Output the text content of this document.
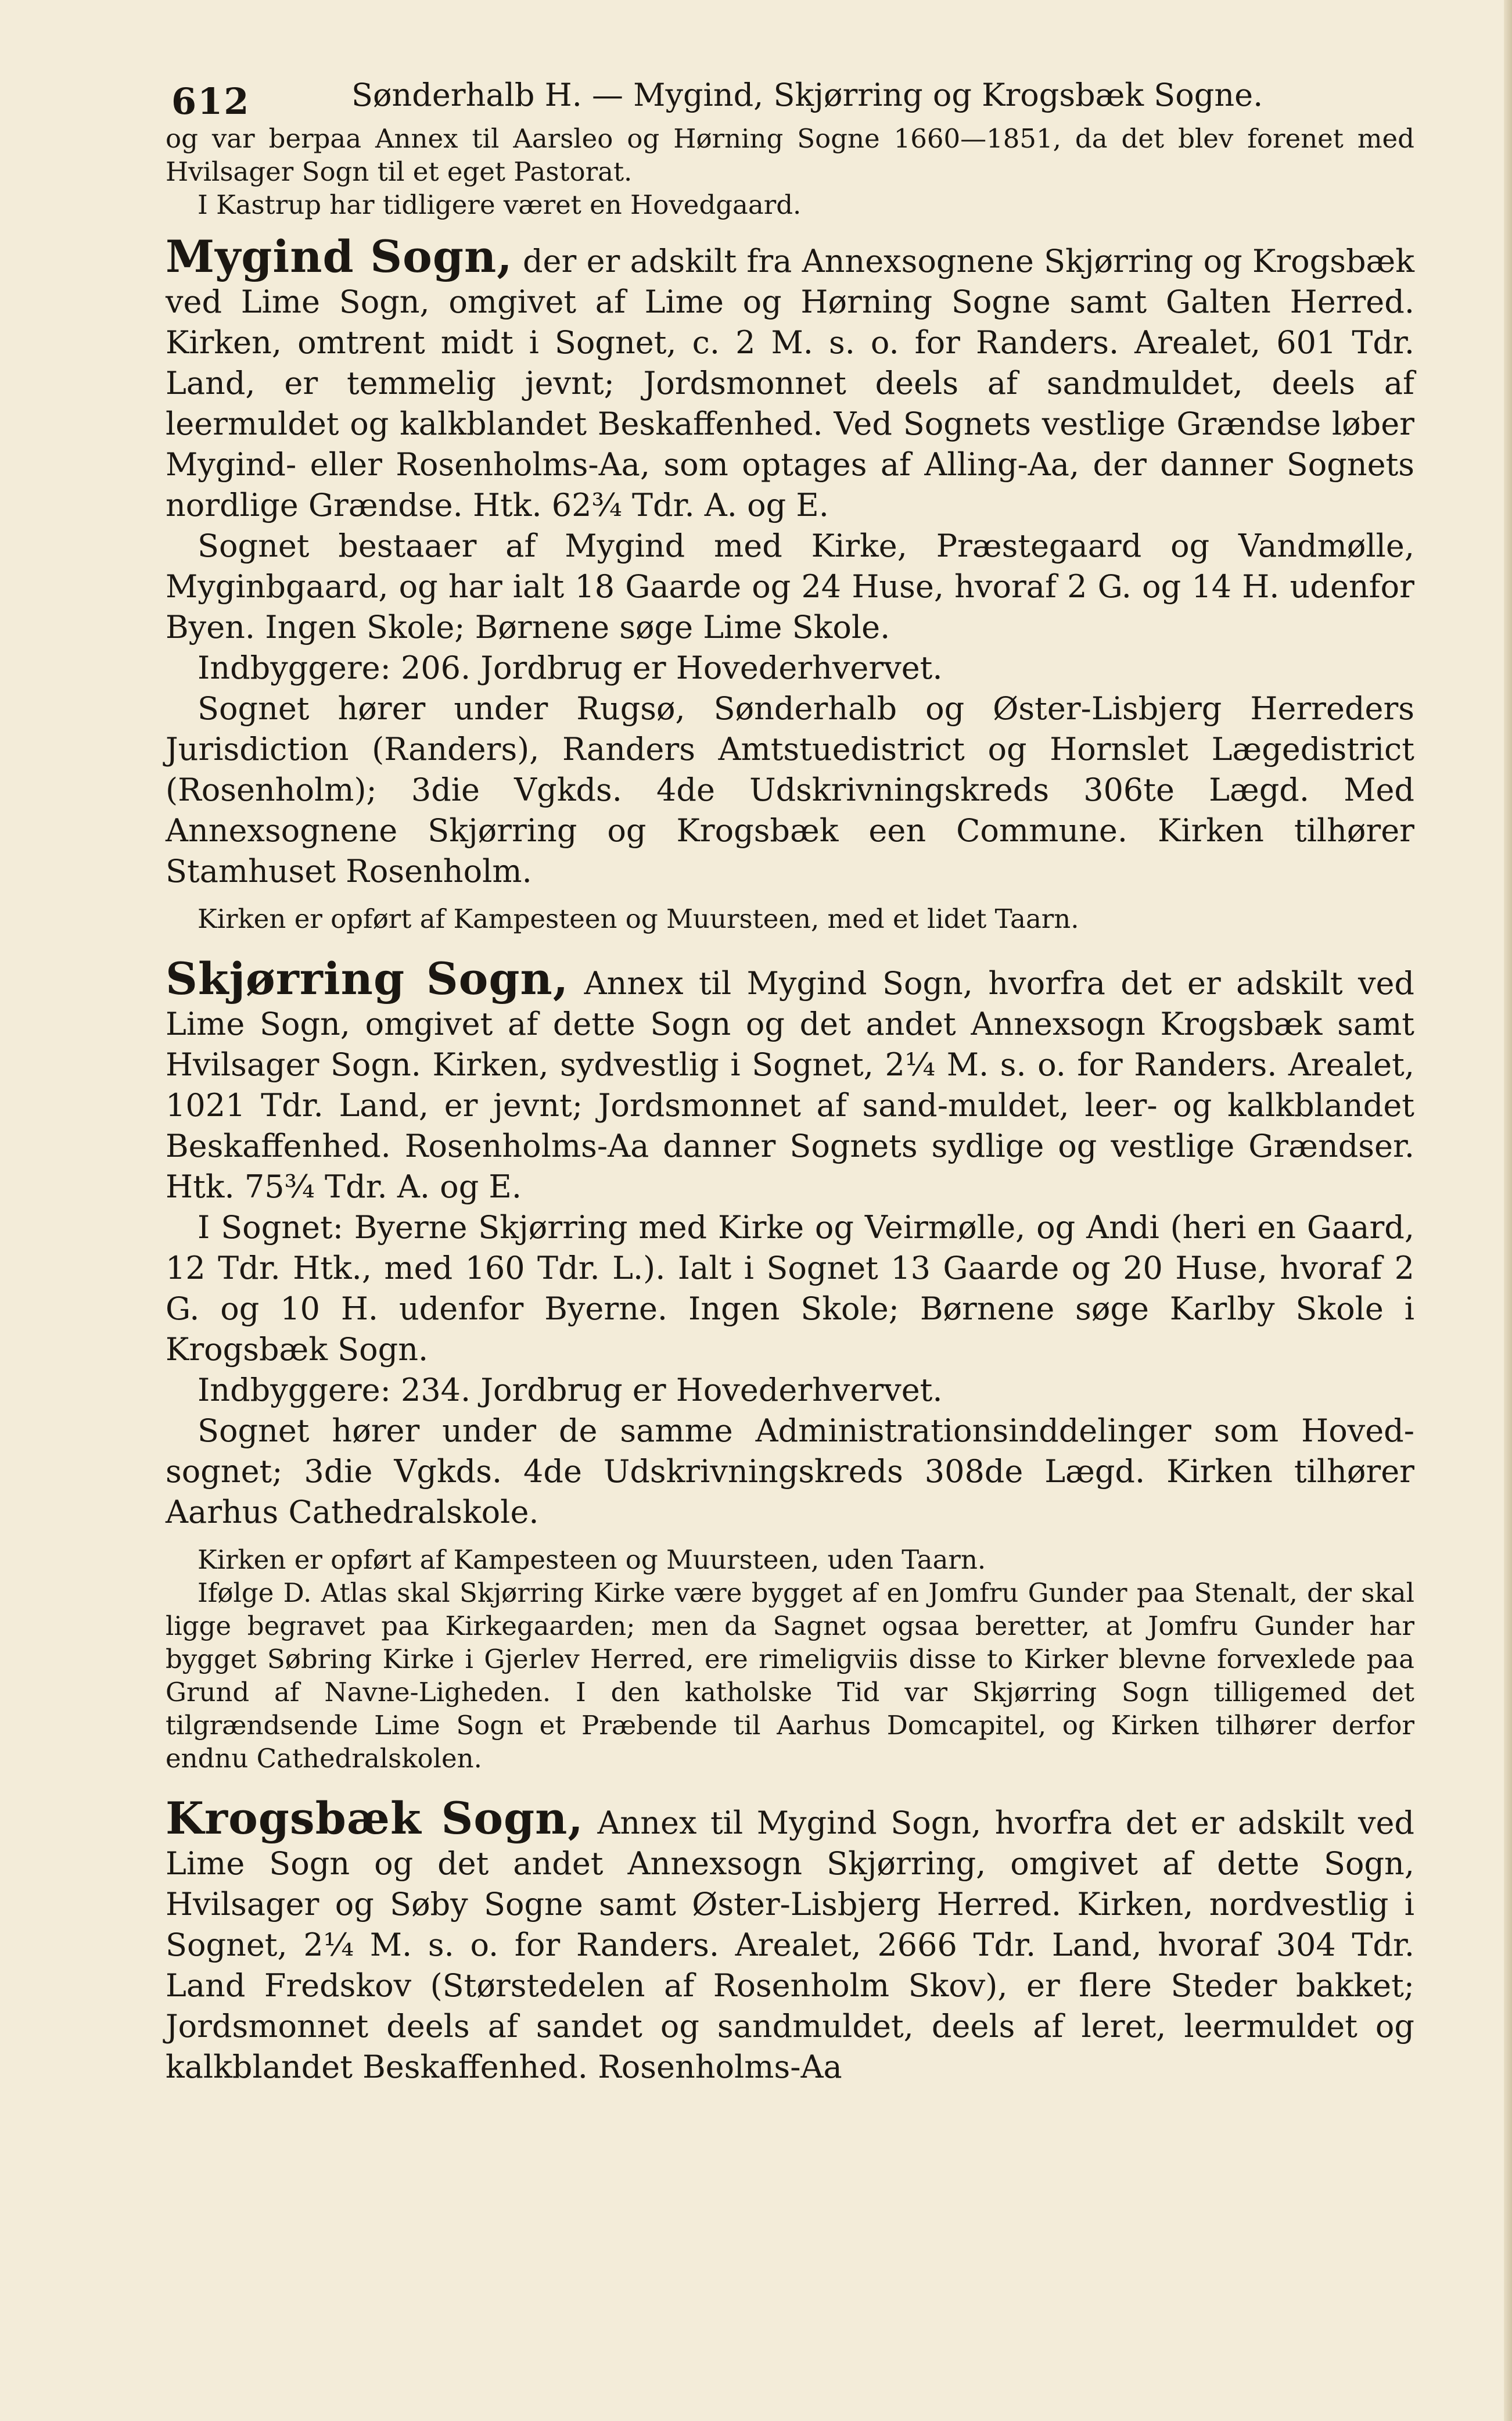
612	Sønderhalb H. — Mygind, Skjørring og Krogsbæk Sogne.

og var berpaa Annex til Aarsleo og Hørning Sogne 1660—1851, da det blev forenet med Hvilsager Sogn til et eget Pastorat.

I Kastrup har tidligere været en Hovedgaard.

Mygind Sogn, der er adskilt fra Annexsognene Skjørring og Krogsbæk ved Lime Sogn, omgivet af Lime og Hørning Sogne samt Galten Herred. Kirken, omtrent midt i Sognet, c. 2 M. s. o. for Randers. Arealet, 601 Tdr. Land, er temmelig jevnt; Jordsmonnet deels af sandmuldet, deels af leermuldet og kalkblandet Beskaffenhed. Ved Sognets vestlige Grændse løber Mygind- eller Rosenholms-Aa, som optages af Alling-Aa, der danner Sognets nordlige Grændse. Htk. 62¾ Tdr. A. og E.

Sognet bestaaer af Mygind med Kirke, Præstegaard og Vandmølle, Myginbgaard, og har ialt 18 Gaarde og 24 Huse, hvoraf 2 G. og 14 H. udenfor Byen. Ingen Skole; Børnene søge Lime Skole.

Indbyggere: 206. Jordbrug er Hovederhvervet.

Sognet hører under Rugsø, Sønderhalb og Øster-Lisbjerg Herreders Jurisdiction (Randers), Randers Amtstuedistrict og Hornslet Lægedistrict (Rosenholm); 3die Vgkds. 4de Udskrivningskreds 306te Lægd. Med Annexsognene Skjørring og Krogsbæk een Commune. Kirken tilhører Stamhuset Rosenholm.

Kirken er opført af Kampesteen og Muursteen, med et lidet Taarn.

Skjørring Sogn, Annex til Mygind Sogn, hvorfra det er adskilt ved Lime Sogn, omgivet af dette Sogn og det andet Annexsogn Krogsbæk samt Hvilsager Sogn. Kirken, sydvestlig i Sognet, 2¼ M. s. o. for Randers. Arealet, 1021 Tdr. Land, er jevnt; Jordsmonnet af sand-muldet, leer- og kalkblandet Beskaffenhed. Rosenholms-Aa danner Sognets sydlige og vestlige Grændser. Htk. 75¾ Tdr. A. og E.

I Sognet: Byerne Skjørring med Kirke og Veirmølle, og Andi (heri en Gaard, 12 Tdr. Htk., med 160 Tdr. L.). Ialt i Sognet 13 Gaarde og 20 Huse, hvoraf 2 G. og 10 H. udenfor Byerne. Ingen Skole; Børnene søge Karlby Skole i Krogsbæk Sogn.

Indbyggere: 234. Jordbrug er Hovederhvervet.

Sognet hører under de samme Administrationsinddelinger som Hoved-sognet; 3die Vgkds. 4de Udskrivningskreds 308de Lægd. Kirken tilhører Aarhus Cathedralskole.

Kirken er opført af Kampesteen og Muursteen, uden Taarn.

Ifølge D. Atlas skal Skjørring Kirke være bygget af en Jomfru Gunder paa Stenalt, der skal ligge begravet paa Kirkegaarden; men da Sagnet ogsaa beretter, at Jomfru Gunder har bygget Søbring Kirke i Gjerlev Herred, ere rimeligviis disse to Kirker blevne forvexlede paa Grund af Navne-Ligheden. I den katholske Tid var Skjørring Sogn tilligemed det tilgrændsende Lime Sogn et Præbende til Aarhus Domcapitel, og Kirken tilhører derfor endnu Cathedralskolen.

Krogsbæk Sogn, Annex til Mygind Sogn, hvorfra det er adskilt ved Lime Sogn og det andet Annexsogn Skjørring, omgivet af dette Sogn, Hvilsager og Søby Sogne samt Øster-Lisbjerg Herred. Kirken, nordvestlig i Sognet, 2¼ M. s. o. for Randers. Arealet, 2666 Tdr. Land, hvoraf 304 Tdr. Land Fredskov (Størstedelen af Rosenholm Skov), er flere Steder bakket; Jordsmonnet deels af sandet og sandmuldet, deels af leret, leermuldet og kalkblandet Beskaffenhed. Rosenholms-Aa
